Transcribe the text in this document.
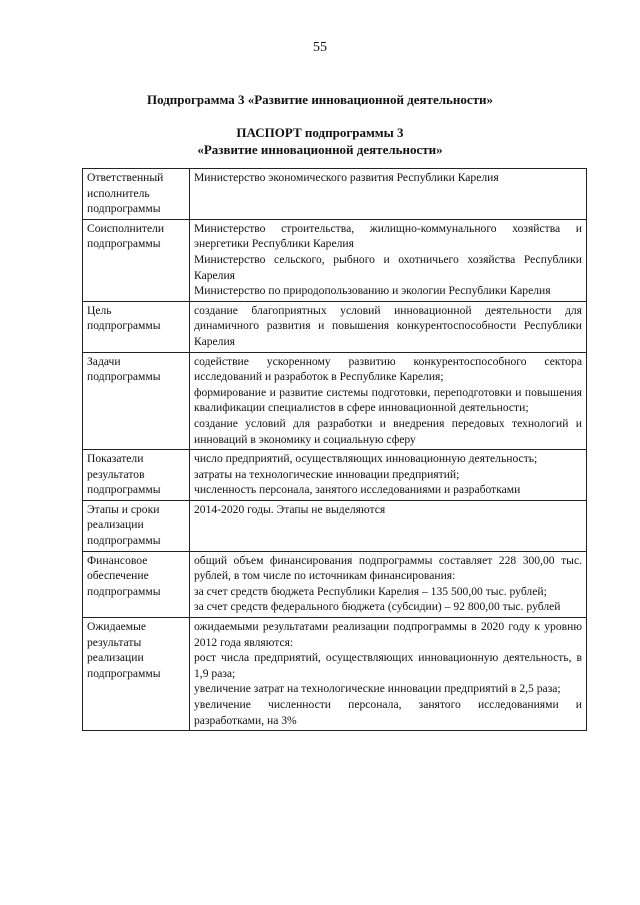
55
Подпрограмма 3 «Развитие инновационной деятельности»
ПАСПОРТ подпрограммы 3
«Развитие инновационной деятельности»
Ответственный исполнитель подпрограммы	Министерство экономического развития Республики Карелия

Соисполнители подпрограммы	Министерство строительства, жилищно-коммунального хозяйства и энергетики Республики Карелия
Министерство сельского, рыбного и охотничьего хозяйства Республики Карелия
Министерство по природопользованию и экологии Республики Карелия

Цель подпрограммы	создание благоприятных условий инновационной деятельности для динамичного развития и повышения конкурентоспособности Республики Карелия

Задачи подпрограммы	содействие ускоренному развитию конкурентоспособного сектора исследований и разработок в Республике Карелия;
формирование и развитие системы подготовки, переподготовки и повышения квалификации специалистов в сфере инновационной деятельности;
создание условий для разработки и внедрения передовых технологий и инноваций в экономику и социальную сферу

Показатели результатов подпрограммы	число предприятий, осуществляющих инновационную деятельность;
затраты на технологические инновации предприятий;
численность персонала, занятого исследованиями и разработками

Этапы и сроки реализации подпрограммы	2014-2020 годы. Этапы не выделяются

Финансовое обеспечение подпрограммы	общий объем финансирования подпрограммы составляет 228 300,00 тыс. рублей, в том числе по источникам финансирования:
за счет средств бюджета Республики Карелия – 135 500,00 тыс. рублей;
за счет средств федерального бюджета (субсидии) – 92 800,00 тыс. рублей

Ожидаемые результаты реализации подпрограммы	ожидаемыми результатами реализации подпрограммы в 2020 году к уровню 2012 года являются:
рост числа предприятий, осуществляющих инновационную деятельность, в 1,9 раза;
увеличение затрат на технологические инновации предприятий в 2,5 раза;
увеличение численности персонала, занятого исследованиями и разработками, на 3%
